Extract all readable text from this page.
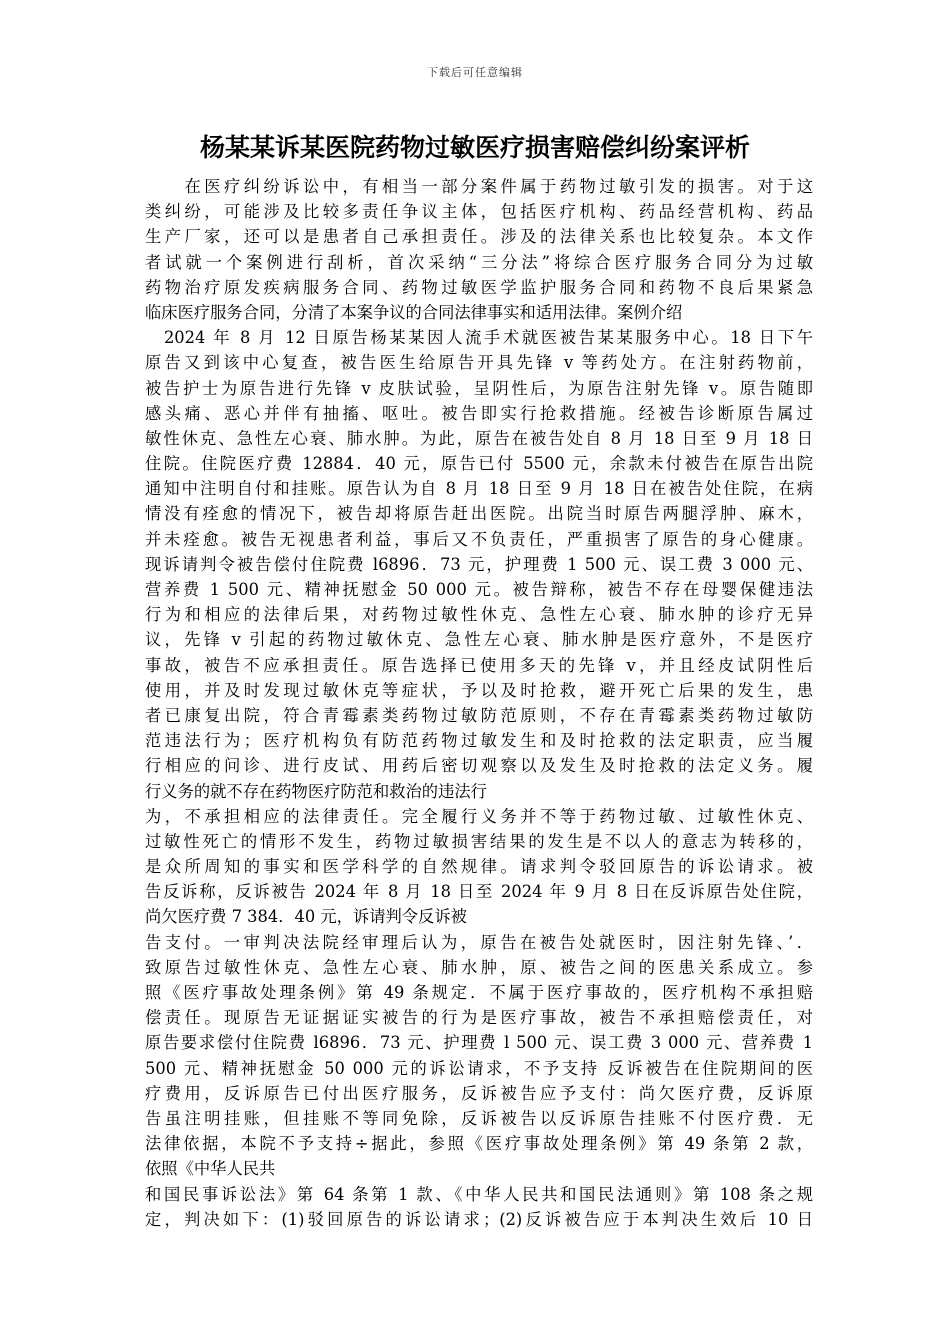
下载后可任意编辑
杨某某诉某医院药物过敏医疗损害赔偿纠纷案评析
　　在医疗纠纷诉讼中，有相当一部分案件属于药物过敏引发的损害。对于这
类纠纷，可能涉及比较多责任争议主体，包括医疗机构、药品经营机构、药品
生产厂家，还可以是患者自己承担责任。涉及的法律关系也比较复杂。本文作
者试就一个案例进行刮析，首次采纳“三分法”将综合医疗服务合同分为过敏
药物治疗原发疾病服务合同、药物过敏医学监护服务合同和药物不良后果紧急
临床医疗服务合同，分清了本案争议的合同法律事实和适用法律。案例介绍
　2024 年 8 月 12 日原告杨某某因人流手术就医被告某某服务中心。18 日下午
原告又到该中心复查，被告医生给原告开具先锋 v 等药处方。在注射药物前，
被告护士为原告进行先锋 v 皮肤试验，呈阴性后，为原告注射先锋 v。原告随即
感头痛、恶心并伴有抽搐、呕吐。被告即实行抢救措施。经被告诊断原告属过
敏性休克、急性左心衰、肺水肿。为此，原告在被告处自 8 月 18 日至 9 月 18 日
住院。住院医疗费 12884．40 元，原告已付 5500 元，余款未付被告在原告出院
通知中注明自付和挂账。原告认为自 8 月 18 日至 9 月 18 日在被告处住院，在病
情没有痊愈的情况下，被告却将原告赶出医院。出院当时原告两腿浮肿、麻木，
并未痊愈。被告无视患者利益，事后又不负责任，严重损害了原告的身心健康。
现诉请判令被告偿付住院费 l6896．73 元，护理费 1 500 元、误工费 3 000 元、
营养费 1 500 元、精神抚慰金 50 000 元。被告辩称，被告不存在母婴保健违法
行为和相应的法律后果，对药物过敏性休克、急性左心衰、肺水肿的诊疗无异
议，先锋 v 引起的药物过敏休克、急性左心衰、肺水肿是医疗意外，不是医疗
事故，被告不应承担责任。原告选择已使用多天的先锋 v，并且经皮试阴性后
使用，并及时发现过敏休克等症状，予以及时抢救，避开死亡后果的发生，患
者已康复出院，符合青霉素类药物过敏防范原则，不存在青霉素类药物过敏防
范违法行为；医疗机构负有防范药物过敏发生和及时抢救的法定职责，应当履
行相应的问诊、进行皮试、用药后密切观察以及发生及时抢救的法定义务。履
行义务的就不存在药物医疗防范和救治的违法行
为，不承担相应的法律责任。完全履行义务并不等于药物过敏、过敏性休克、
过敏性死亡的情形不发生，药物过敏损害结果的发生是不以人的意志为转移的，
是众所周知的事实和医学科学的自然规律。请求判令驳回原告的诉讼请求。被
告反诉称，反诉被告 2024 年 8 月 18 日至 2024 年 9 月 8 日在反诉原告处住院，
尚欠医疗费 7 384．40 元，诉请判令反诉被
告支付。一审判决法院经审理后认为，原告在被告处就医时，因注射先锋、’．
致原告过敏性休克、急性左心衰、肺水肿，原、被告之间的医患关系成立。参
照《医疗事故处理条例》第 49 条规定．不属于医疗事故的，医疗机构不承担赔
偿责任。现原告无证据证实被告的行为是医疗事故，被告不承担赔偿责任，对
原告要求偿付住院费 l6896．73 元、护理费 l 500 元、误工费 3 000 元、营养费 1
500 元、精神抚慰金 50 000 元的诉讼请求，不予支持 反诉被告在住院期间的医
疗费用，反诉原告已付出医疗服务，反诉被告应予支付：尚欠医疗费，反诉原
告虽注明挂账，但挂账不等同免除，反诉被告以反诉原告挂账不付医疗费．无
法律依据，本院不予支持÷据此，参照《医疗事故处理条例》第 49 条第 2 款，
依照《中华人民共
和国民事诉讼法》第 64 条第 1 款、《中华人民共和国民法通则》第 108 条之规
定，判决如下：(1)驳回原告的诉讼请求；(2)反诉被告应于本判决生效后 10 日
